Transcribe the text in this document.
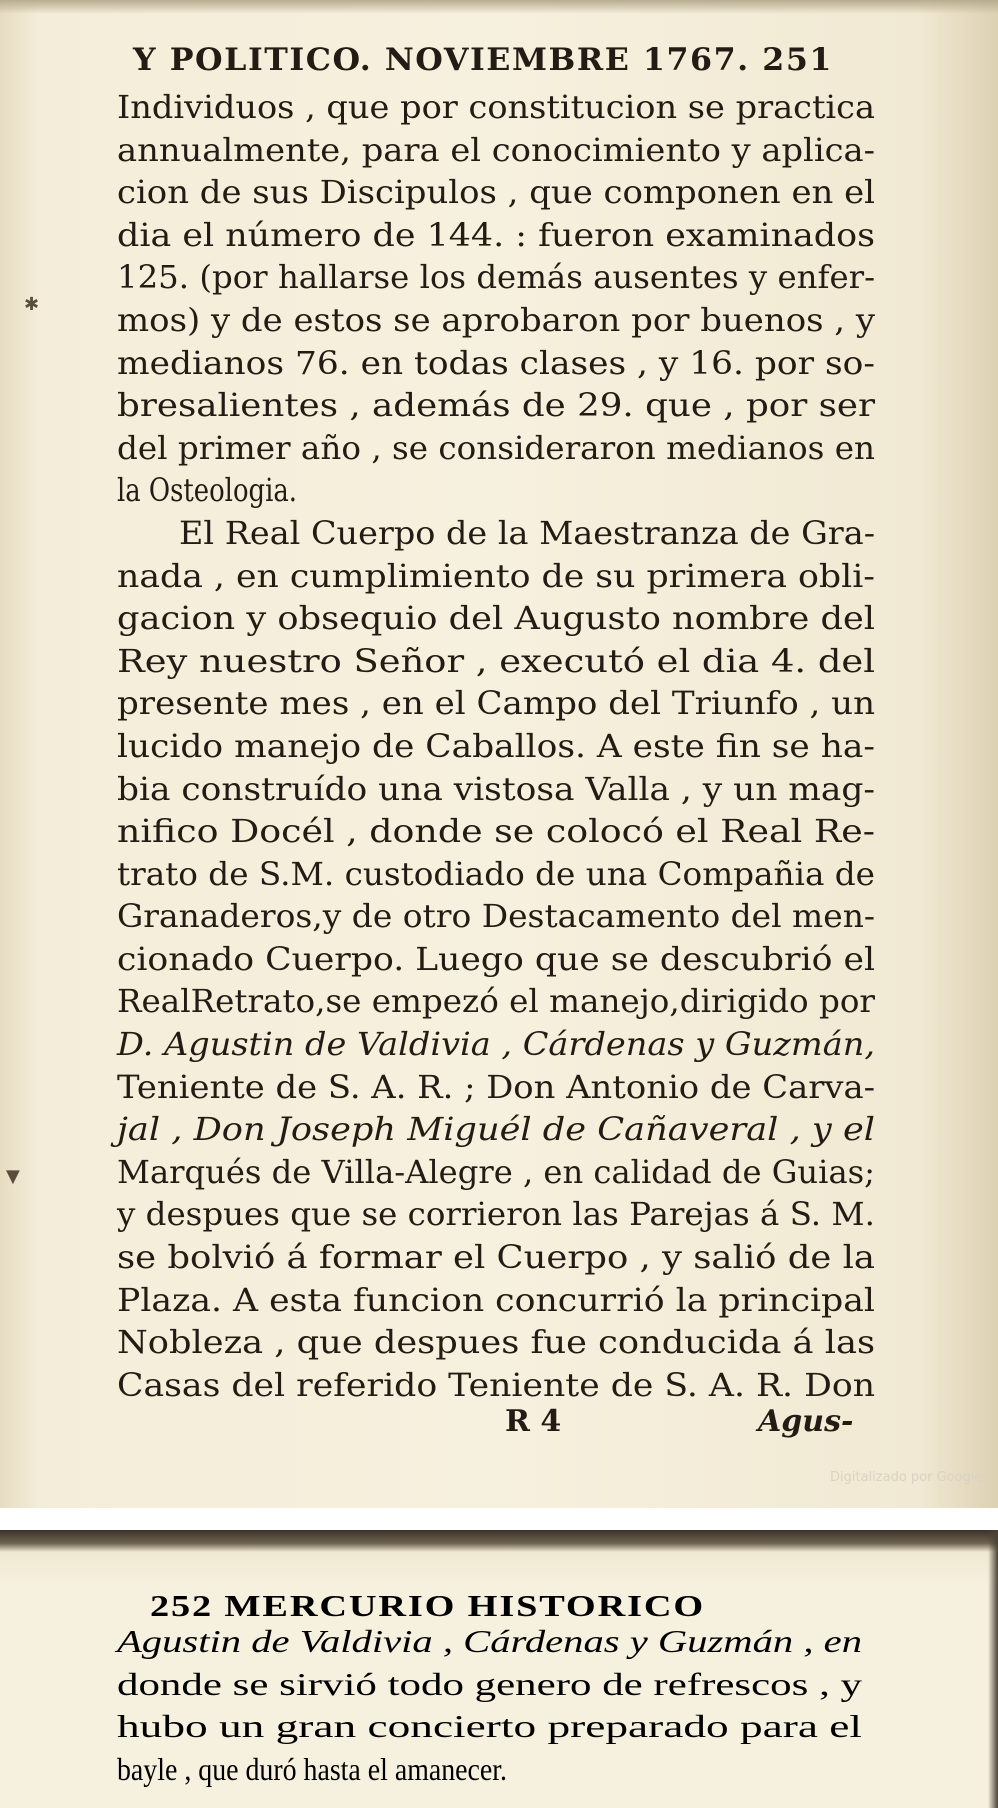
Y POLITICO. NOVIEMBRE 1767. 251
Individuos , que por constitucion se practica
annualmente, para el conocimiento y aplica-
cion de sus Discipulos , que componen en el
dia el número de 144. : fueron examinados
125. (por hallarse los demás ausentes y enfer-
mos) y de estos se aprobaron por buenos , y
medianos 76. en todas clases , y 16. por so-
bresalientes , además de 29. que , por ser
del primer año , se consideraron medianos en
la Osteologia.
El Real Cuerpo de la Maestranza de Gra-
nada , en cumplimiento de su primera obli-
gacion y obsequio del Augusto nombre del
Rey nuestro Señor , executó el dia 4. del
presente mes , en el Campo del Triunfo , un
lucido manejo de Caballos. A este fin se ha-
bia construído una vistosa Valla , y un mag-
nifico Docél , donde se colocó el Real Re-
trato de S.M. custodiado de una Compañia de
Granaderos,y de otro Destacamento del men-
cionado Cuerpo. Luego que se descubrió el
RealRetrato,se empezó el manejo,dirigido por
D. Agustin de Valdivia , Cárdenas y Guzmán,
Teniente de S. A. R. ; Don Antonio de Carva-
jal , Don Joseph Miguél de Cañaveral , y el
Marqués de Villa-Alegre , en calidad de Guias;
y despues que se corrieron las Parejas á S. M.
se bolvió á formar el Cuerpo , y salió de la
Plaza. A esta funcion concurrió la principal
Nobleza , que despues fue conducida á las
Casas del referido Teniente de S. A. R. Don
✱
▼

R 4	Agus-
Digitalizado por Google
252 MERCURIO HISTORICO
Agustin de Valdivia , Cárdenas y Guzmán , en
donde se sirvió todo genero de refrescos , y
hubo un gran concierto preparado para el
bayle , que duró hasta el amanecer.
